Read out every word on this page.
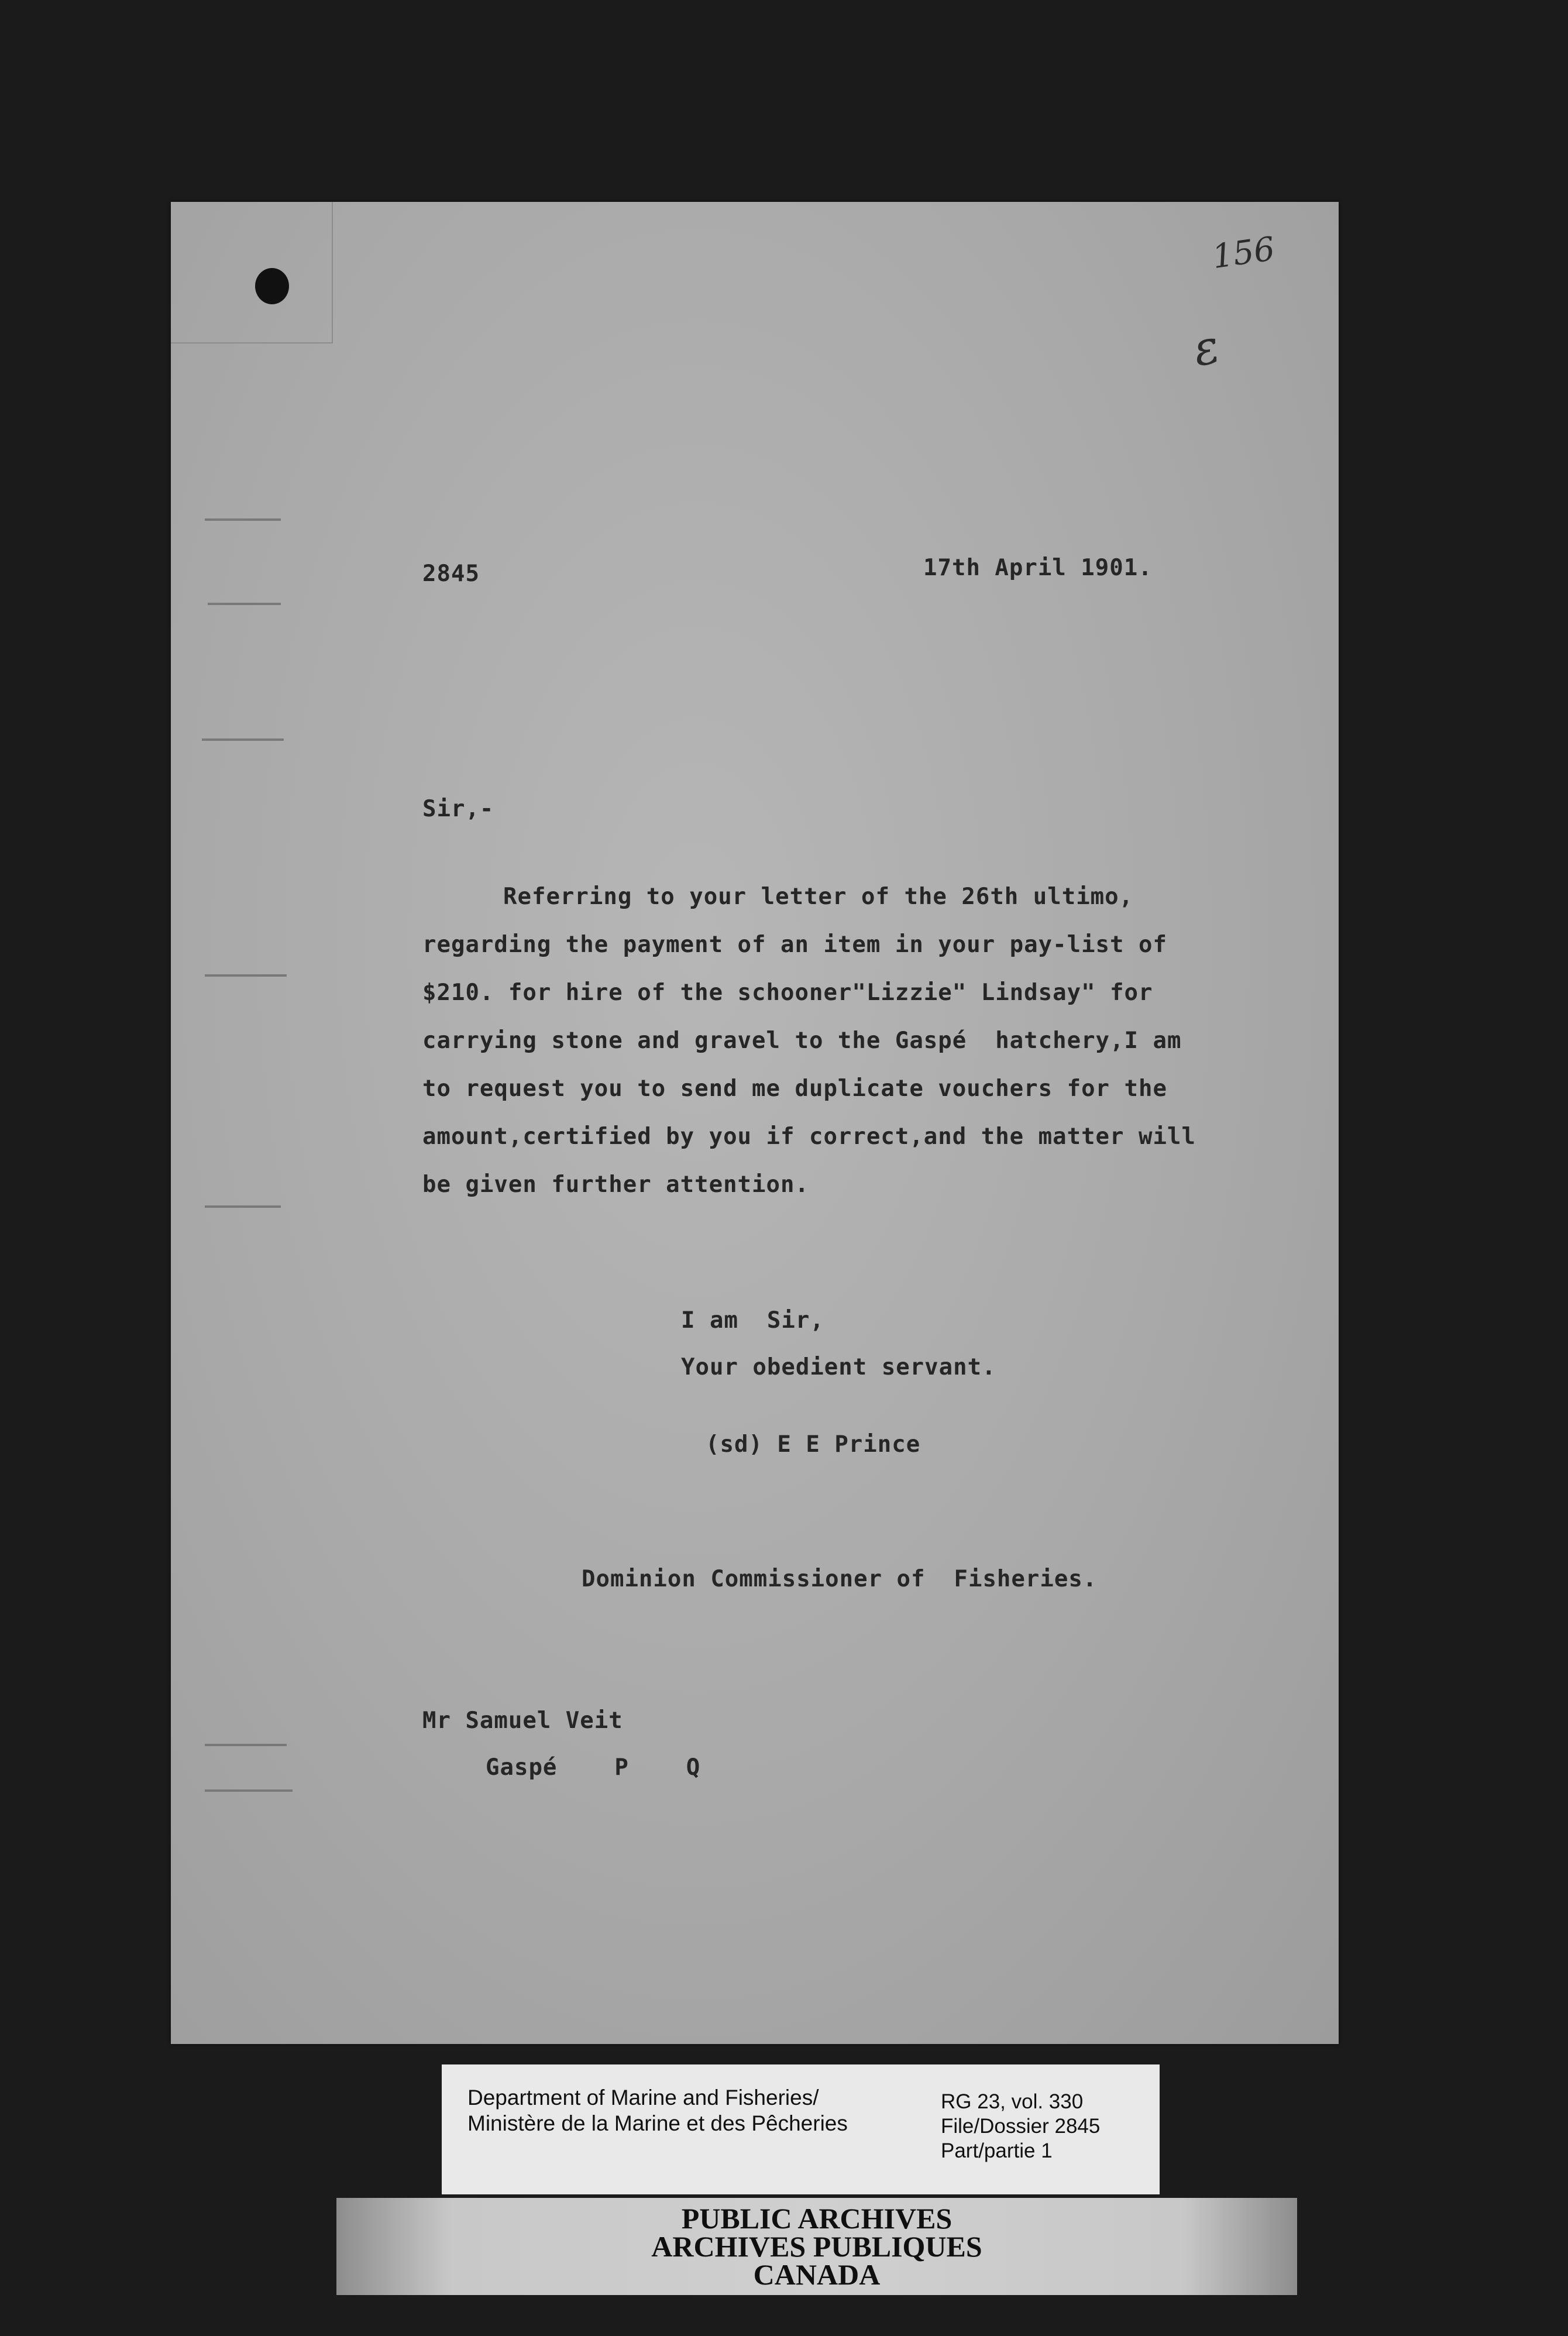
156
ε
2845	17th April 1901.
Sir,-
Referring to your letter of the 26th ultimo,
regarding the payment of an item in your pay-list of
$210. for hire of the schooner"Lizzie" Lindsay" for
carrying stone and gravel to the Gaspé  hatchery,I am
to request you to send me duplicate vouchers for the
amount,certified by you if correct,and the matter will
be given further attention.
I am  Sir,
Your obedient servant.
(sd) E E Prince
Dominion Commissioner of  Fisheries.
Mr Samuel Veit
Gaspé    P    Q
Department of Marine and Fisheries/
Ministère de la Marine et des Pêcheries
RG 23, vol. 330
File/Dossier 2845
Part/partie 1
PUBLIC ARCHIVES
ARCHIVES PUBLIQUES
CANADA
